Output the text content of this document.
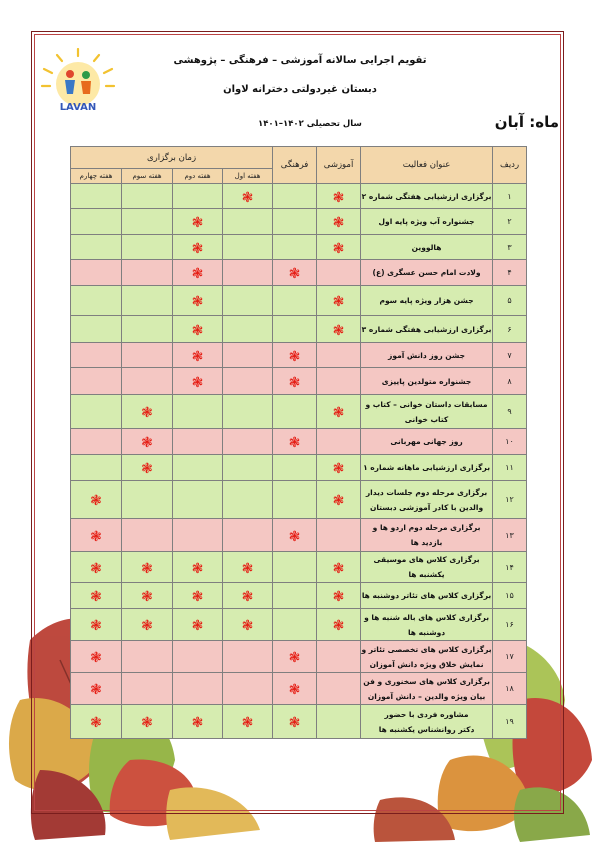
LAVAN
تقویم اجرایی سالانه آموزشی – فرهنگی – پژوهشی
دبستان غیردولتی دخترانه لاوان
ماه: آبان
سال تحصیلی ۱۴۰۲–۱۴۰۱
ردیف	عنوان فعالیت	آموزشی	فرهنگی	زمان برگزاری			
				هفته اول	هفته دوم	هفته سوم	هفته چهارم
۱	برگزاری ارزشیابی هفتگی شماره ۲	❃		❃			
۲	جشنواره آب ویژه پایه اول	❃			❃		
۳	هالووین	❃			❃		
۴	ولادت امام حسن عسگری (ع)		❃		❃		
۵	جشن هزار ویژه پایه سوم	❃			❃		
۶	برگزاری ارزشیابی هفتگی شماره ۳	❃			❃		
۷	جشن روز دانش آموز		❃		❃		
۸	جشنواره متولدین پاییزی		❃		❃		
۹	مسابقات داستان خوانی – کتاب و
کتاب خوانی	❃				❃	
۱۰	روز جهانی مهربانی		❃			❃	
۱۱	برگزاری ارزشیابی ماهانه شماره ۱	❃				❃	
۱۲	برگزاری مرحله دوم جلسات دیدار
والدین با کادر آموزشی دبستان	❃					❃
۱۳	برگزاری مرحله دوم اردو ها و
بازدید ها		❃				❃
۱۴	برگزاری کلاس های موسیقی
یکشنبه ها	❃		❃	❃	❃	❃
۱۵	برگزاری کلاس های تئاتر دوشنبه ها	❃		❃	❃	❃	❃
۱۶	برگزاری کلاس های باله شنبه ها و
دوشنبه ها	❃		❃	❃	❃	❃
۱۷	برگزاری کلاس های تخصصی تئاتر و
نمایش خلاق ویژه دانش آموزان		❃				❃
۱۸	برگزاری کلاس های سخنوری و فن
بیان ویژه والدین – دانش آموزان		❃				❃
۱۹	مشاوره فردی با حضور
دکتر روانشناس یکشنبه ها		❃	❃	❃	❃	❃
